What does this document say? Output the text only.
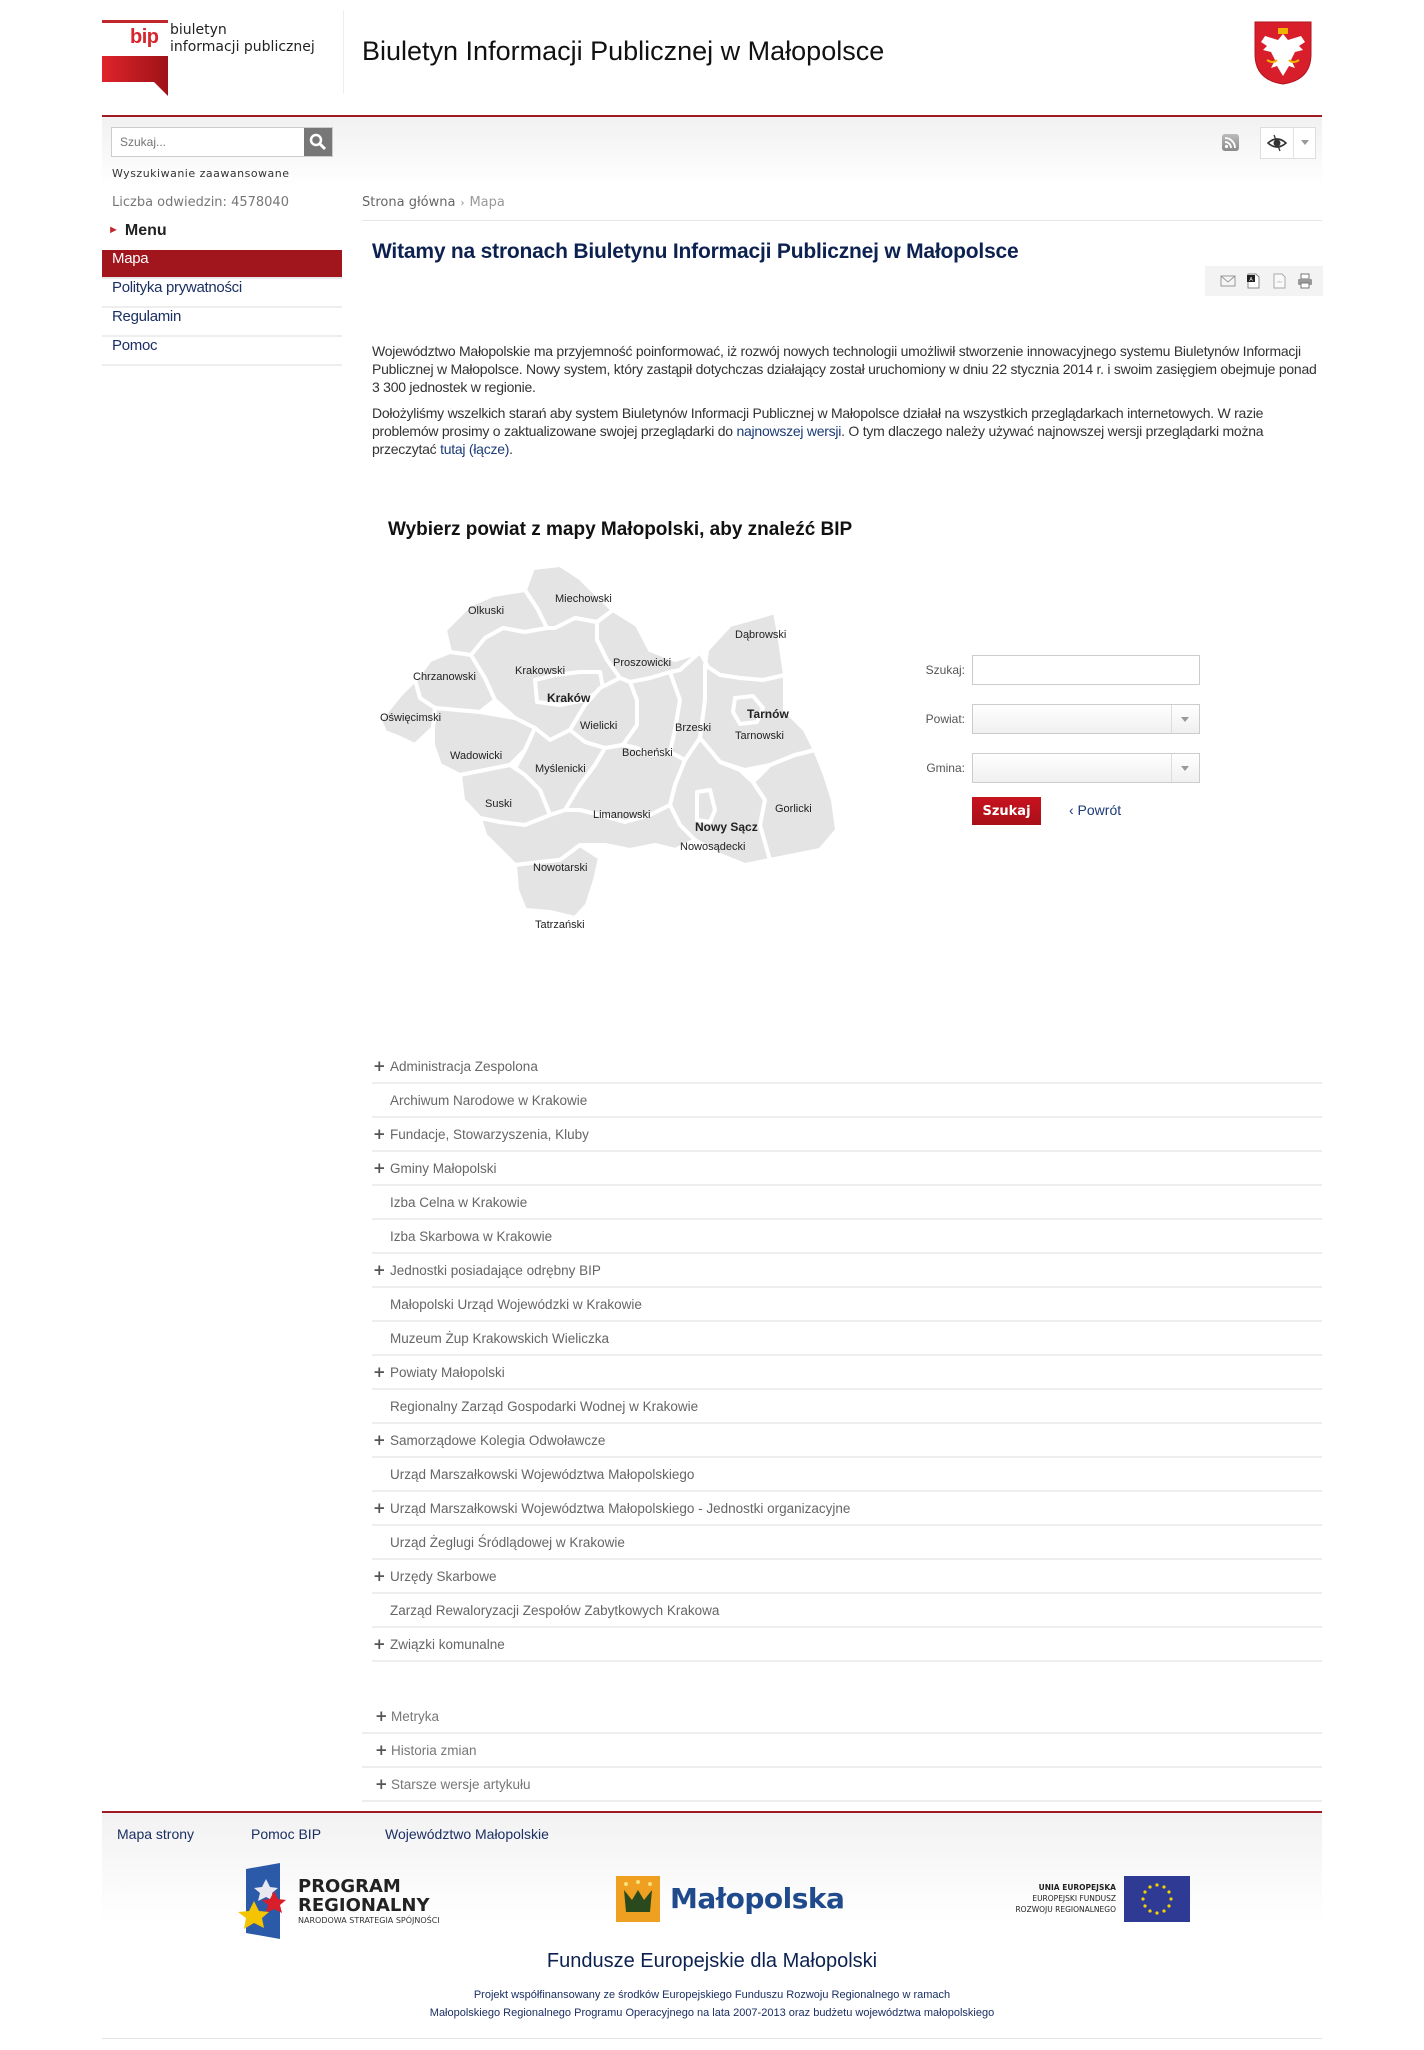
bip biuletyn
informacji publicznej Biuletyn Informacji Publicznej w Małopolsce
Szukaj...
Wyszukiwanie zaawansowane
Liczba odwiedzin: 4578040
► Menu
Mapa
Polityka prywatności
Regulamin
Pomoc
Strona główna › Mapa
Witamy na stronach Biuletynu Informacji Publicznej w Małopolsce
A	</>

Województwo Małopolskie ma przyjemność poinformować, iż rozwój nowych technologii umożliwił stworzenie innowacyjnego systemu Biuletynów Informacji Publicznej w Małopolsce. Nowy system, który zastąpił dotychczas działający został uruchomiony w dniu 22 stycznia 2014 r. i swoim zasięgiem obejmuje ponad 3 300 jednostek w regionie.

Dołożyliśmy wszelkich starań aby system Biuletynów Informacji Publicznej w Małopolsce działał na wszystkich przeglądarkach internetowych. W razie problemów prosimy o zaktualizowane swojej przeglądarki do najnowszej wersji. O tym dlaczego należy używać najnowszej wersji przeglądarki można przeczytać tutaj (łącze).

Wybierz powiat z mapy Małopolski, aby znaleźć BIP
Olkuski
Miechowski
Dąbrowski
Proszowicki
Chrzanowski	Krakowski
Kraków
Tarnów
Oświęcimski
Wielicki	Brzeski
Tarnowski
Wadowicki	Bocheński
Myślenicki
Suski	Gorlicki
Limanowski
Nowy Sącz
Nowosądecki
Nowotarski
Tatrzański
Szukaj:
Powiat:
Gmina:
Szukaj	‹ Powrót
+ Administracja Zespolona
Archiwum Narodowe w Krakowie
+ Fundacje, Stowarzyszenia, Kluby
+ Gminy Małopolski
Izba Celna w Krakowie
Izba Skarbowa w Krakowie
+ Jednostki posiadające odrębny BIP
Małopolski Urząd Wojewódzki w Krakowie
Muzeum Żup Krakowskich Wieliczka
+ Powiaty Małopolski
Regionalny Zarząd Gospodarki Wodnej w Krakowie
+ Samorządowe Kolegia Odwoławcze
Urząd Marszałkowski Województwa Małopolskiego
+ Urząd Marszałkowski Województwa Małopolskiego - Jednostki organizacyjne
Urząd Żeglugi Śródlądowej w Krakowie
+ Urzędy Skarbowe
Zarząd Rewaloryzacji Zespołów Zabytkowych Krakowa
+ Związki komunalne
+ Metryka
+ Historia zmian
+ Starsze wersje artykułu
Mapa strony	Pomoc BIP	Województwo Małopolskie
PROGRAM
REGIONALNY
NARODOWA STRATEGIA SPÓJNOŚCI
Małopolska	UNIA EUROPEJSKA
EUROPEJSKI FUNDUSZ
ROZWOJU REGIONALNEGO
Fundusze Europejskie dla Małopolski
Projekt współfinansowany ze środków Europejskiego Funduszu Rozwoju Regionalnego w ramach
Małopolskiego Regionalnego Programu Operacyjnego na lata 2007-2013 oraz budżetu województwa małopolskiego
